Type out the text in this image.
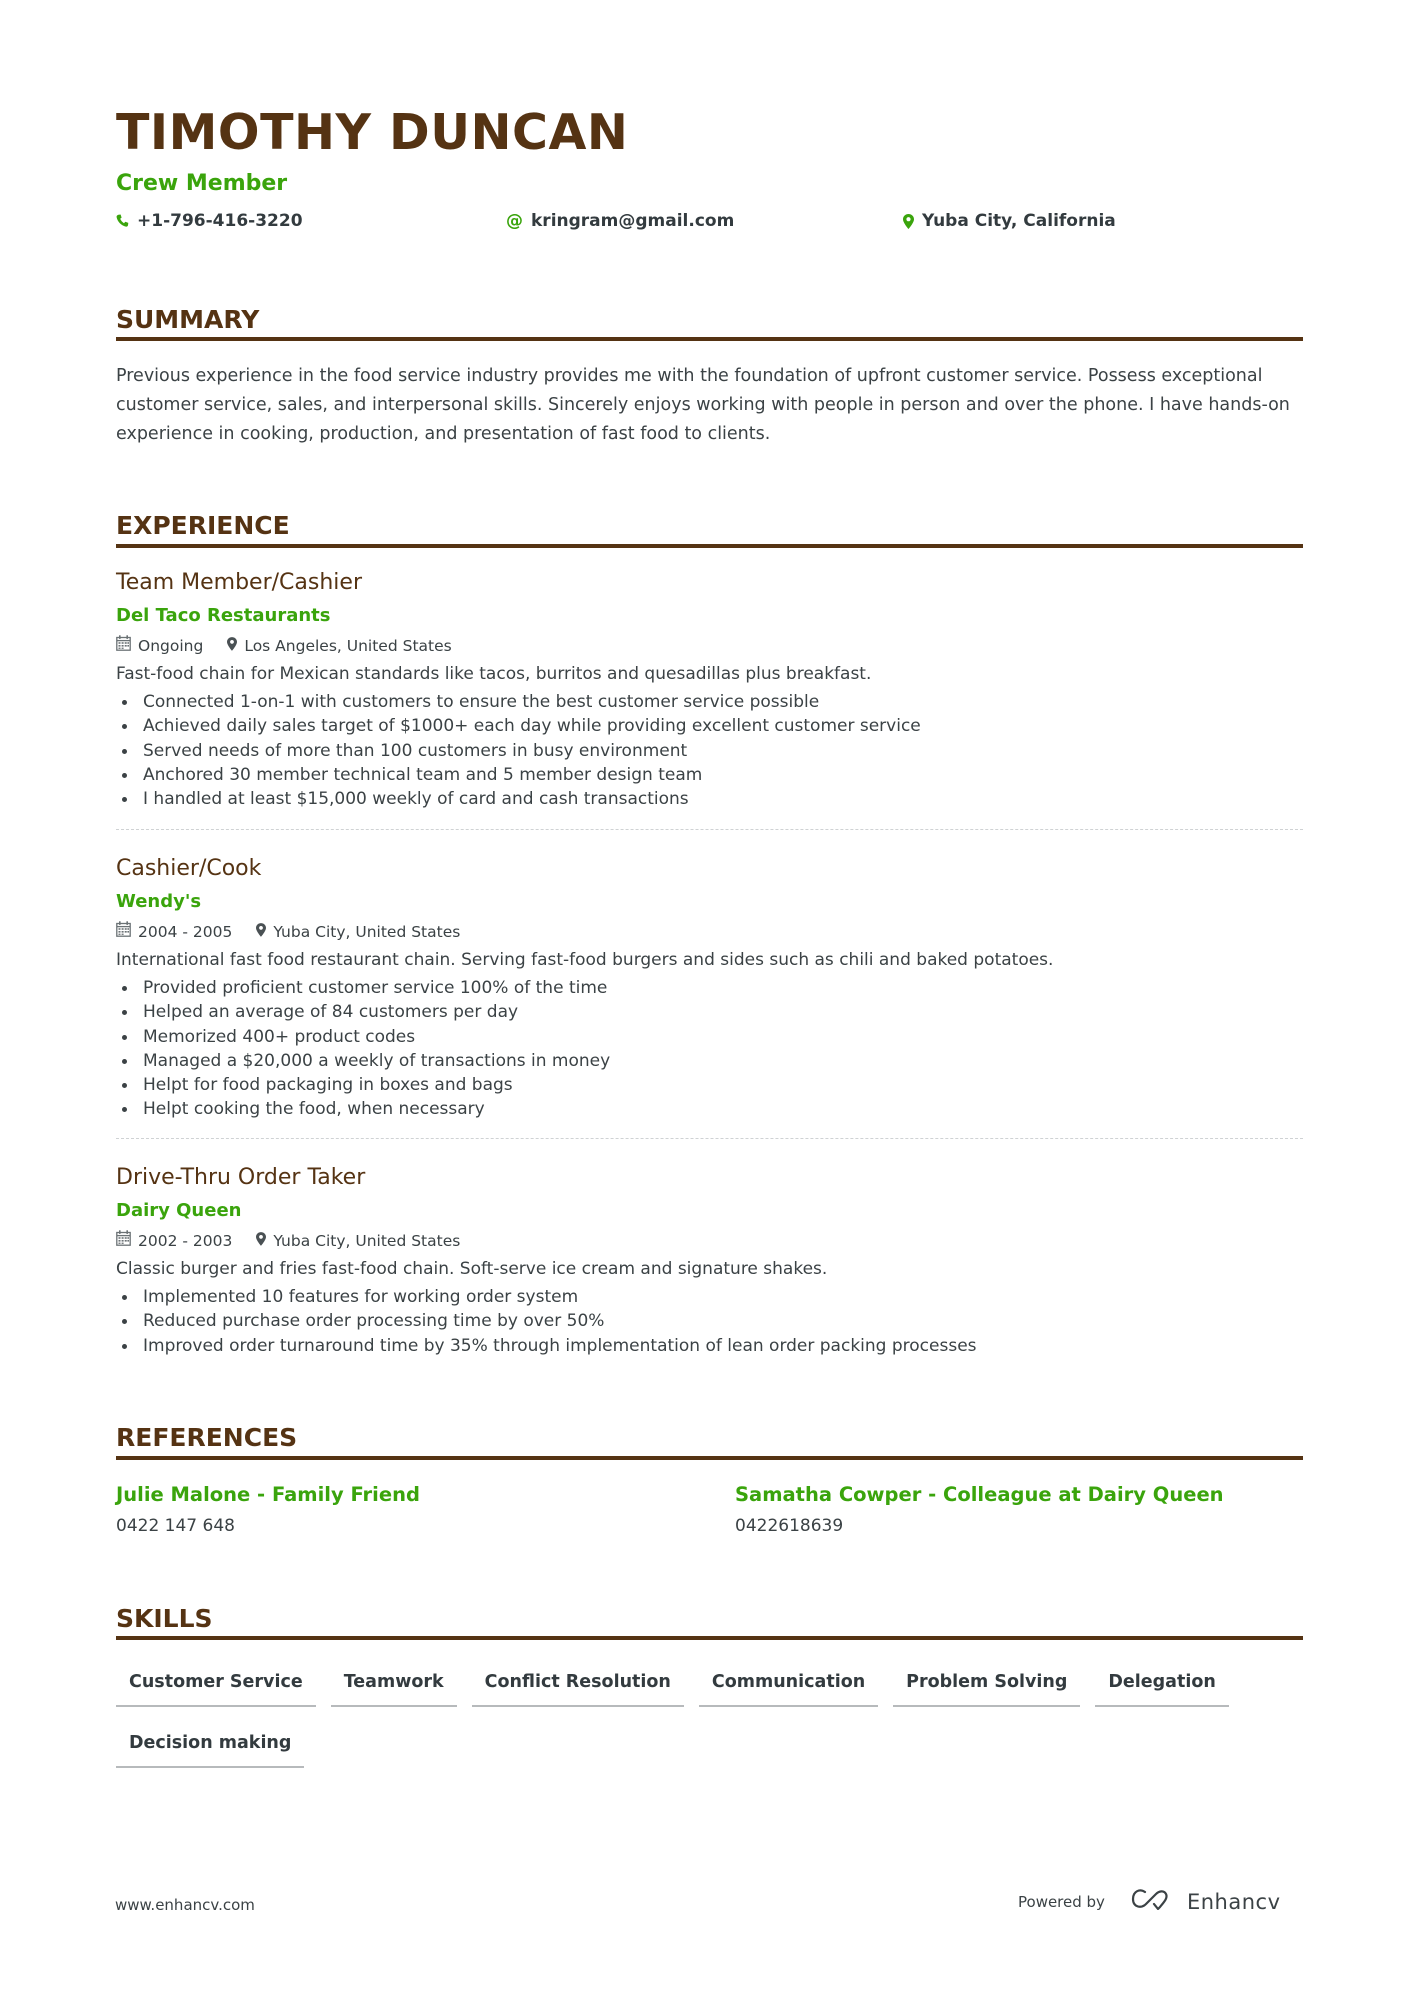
TIMOTHY DUNCAN
Crew Member
+1-796-416-3220	@ kringram@gmail.com	Yuba City, California
SUMMARY
Previous experience in the food service industry provides me with the foundation of upfront customer service. Possess exceptional customer service, sales, and interpersonal skills. Sincerely enjoys working with people in person and over the phone. I have hands-on experience in cooking, production, and presentation of fast food to clients.
EXPERIENCE
Team Member/Cashier
Del Taco Restaurants
Ongoing	Los Angeles, United States
Fast-food chain for Mexican standards like tacos, burritos and quesadillas plus breakfast.
Connected 1-on-1 with customers to ensure the best customer service possible
Achieved daily sales target of $1000+ each day while providing excellent customer service
Served needs of more than 100 customers in busy environment
Anchored 30 member technical team and 5 member design team
I handled at least $15,000 weekly of card and cash transactions
Cashier/Cook
Wendy's
2004 - 2005	Yuba City, United States
International fast food restaurant chain. Serving fast-food burgers and sides such as chili and baked potatoes.
Provided proficient customer service 100% of the time
Helped an average of 84 customers per day
Memorized 400+ product codes
Managed a $20,000 a weekly of transactions in money
Helpt for food packaging in boxes and bags
Helpt cooking the food, when necessary
Drive-Thru Order Taker
Dairy Queen
2002 - 2003	Yuba City, United States
Classic burger and fries fast-food chain. Soft-serve ice cream and signature shakes.
Implemented 10 features for working order system
Reduced purchase order processing time by over 50%
Improved order turnaround time by 35% through implementation of lean order packing processes
REFERENCES
Julie Malone - Family Friend
0422 147 648
Samatha Cowper - Colleague at Dairy Queen
0422618639
SKILLS
Customer Service	Teamwork	Conflict Resolution	Communication	Problem Solving	Delegation
Decision making
www.enhancv.com	Powered by	Enhancv
